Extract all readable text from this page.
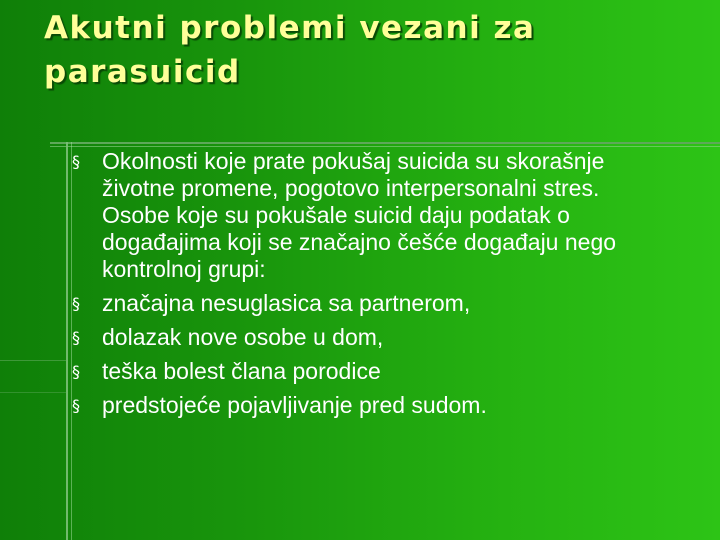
Akutni problemi vezani za
parasuicid
§ Okolnosti koje prate pokušaj suicida su skorašnje životne promene, pogotovo interpersonalni stres. Osobe koje su pokušale suicid daju podatak o događajima koji se značajno češće događaju nego kontrolnoj grupi:
§ značajna nesuglasica sa partnerom,
§ dolazak nove osobe u dom,
§ teška bolest člana porodice
§ predstojeće pojavljivanje pred sudom.
